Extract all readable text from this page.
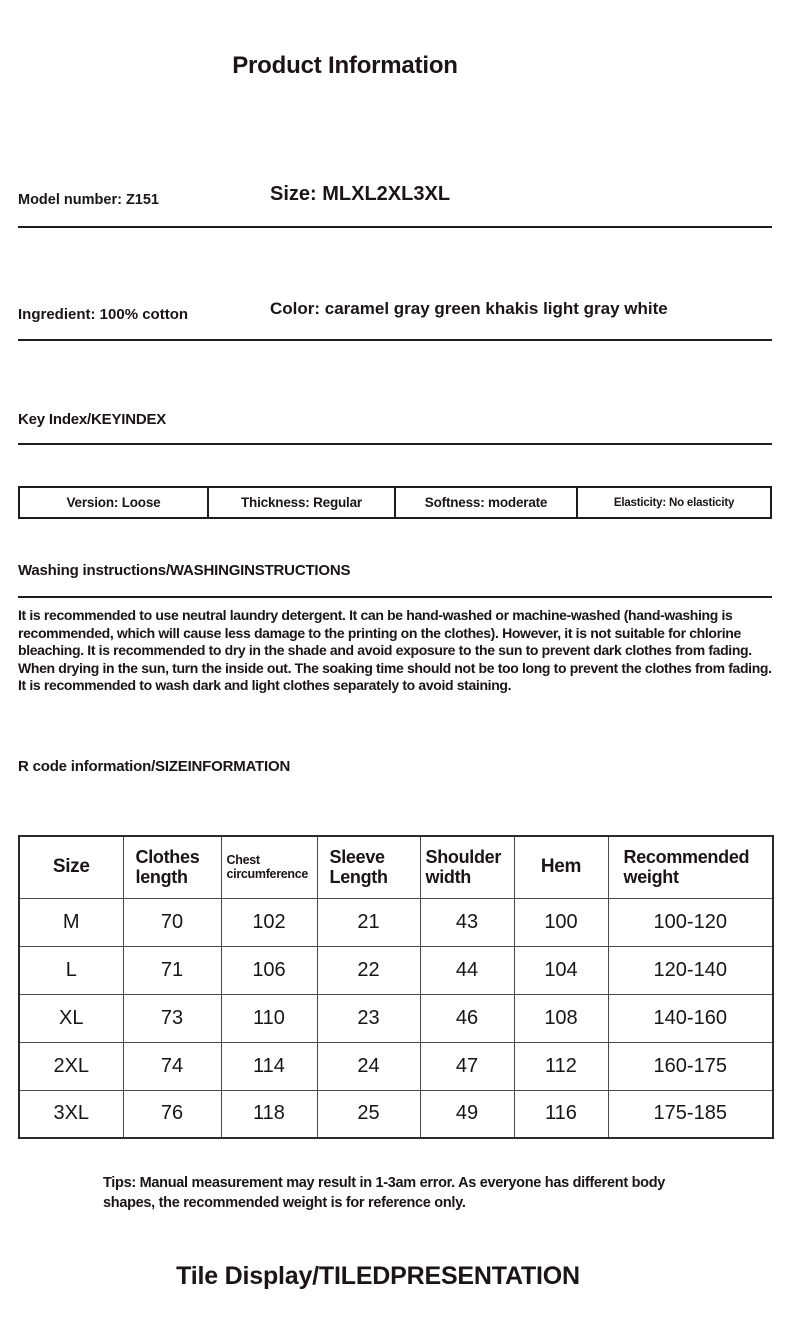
Product Information
Model number: Z151	Size: MLXL2XL3XL
Ingredient: 100% cotton	Color: caramel gray green khakis light gray white
Key Index/KEYINDEX
Version: Loose	Thickness: Regular	Softness: moderate	Elasticity: No elasticity
Washing instructions/WASHINGINSTRUCTIONS
It is recommended to use neutral laundry detergent. It can be hand-washed or machine-washed (hand-washing is recommended, which will cause less damage to the printing on the clothes). However, it is not suitable for chlorine bleaching. It is recommended to dry in the shade and avoid exposure to the sun to prevent dark clothes from fading. When drying in the sun, turn the inside out. The soaking time should not be too long to prevent the clothes from fading. It is recommended to wash dark and light clothes separately to avoid staining.
R code information/SIZEINFORMATION
Size	Clothes length	Chest circumference	Sleeve Length	Shoulder width	Hem	Recommended weight
M	70	102	21	43	100	100-120
L	71	106	22	44	104	120-140
XL	73	110	23	46	108	140-160
2XL	74	114	24	47	112	160-175
3XL	76	118	25	49	116	175-185
Tips: Manual measurement may result in 1-3am error. As everyone has different body shapes, the recommended weight is for reference only.
Tile Display/TILEDPRESENTATION
